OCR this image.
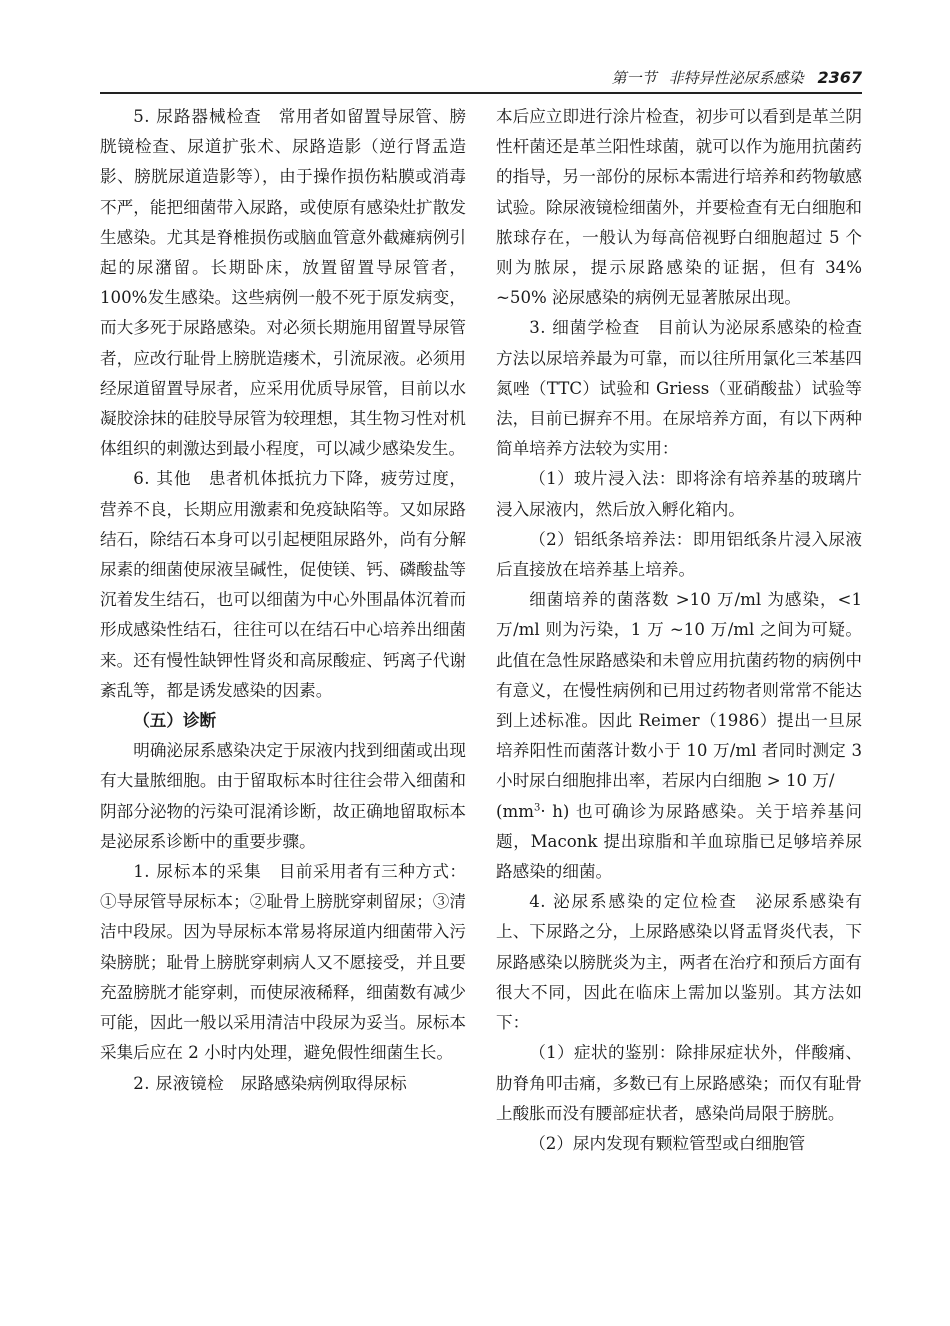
第一节 非特异性泌尿系感染 2367

5. 尿路器械检查　 常用者如留置导尿管、膀胱镜检查、尿道扩张术、尿路造影（逆行肾盂造影、膀胱尿道造影等），由于操作损伤粘膜或消毒不严，能把细菌带入尿路，或使原有感染灶扩散发生感染。尤其是脊椎损伤或脑血管意外截瘫病例引起的尿潴留。长期卧床，放置留置导尿管者，100%发生感染。这些病例一般不死于原发病变，而大多死于尿路感染。对必须长期施用留置导尿管者，应改行耻骨上膀胱造瘘术，引流尿液。必须用经尿道留置导尿者，应采用优质导尿管，目前以水凝胶涂抹的硅胶导尿管为较理想，其生物习性对机体组织的刺激达到最小程度，可以减少感染发生。

6. 其他　 患者机体抵抗力下降，疲劳过度，营养不良，长期应用激素和免疫缺陷等。又如尿路结石，除结石本身可以引起梗阻尿路外，尚有分解尿素的细菌使尿液呈碱性，促使镁、钙、磷酸盐等沉着发生结石，也可以细菌为中心外围晶体沉着而形成感染性结石，往往可以在结石中心培养出细菌来。还有慢性缺钾性肾炎和高尿酸症、钙离子代谢紊乱等，都是诱发感染的因素。

（五）诊断

明确泌尿系感染决定于尿液内找到细菌或出现有大量脓细胞。由于留取标本时往往会带入细菌和阴部分泌物的污染可混淆诊断，故正确地留取标本是泌尿系诊断中的重要步骤。

1. 尿标本的采集　 目前采用者有三种方式：①导尿管导尿标本；②耻骨上膀胱穿刺留尿；③清洁中段尿。因为导尿标本常易将尿道内细菌带入污染膀胱；耻骨上膀胱穿刺病人又不愿接受，并且要充盈膀胱才能穿刺，而使尿液稀释，细菌数有减少可能，因此一般以采用清洁中段尿为妥当。尿标本采集后应在 2 小时内处理，避免假性细菌生长。

2. 尿液镜检　 尿路感染病例取得尿标

本后应立即进行涂片检查，初步可以看到是革兰阴性杆菌还是革兰阳性球菌，就可以作为施用抗菌药的指导，另一部份的尿标本需进行培养和药物敏感试验。除尿液镜检细菌外，并要检查有无白细胞和脓球存在，一般认为每高倍视野白细胞超过 5 个则为脓尿，提示尿路感染的证据，但有 34% ~50% 泌尿感染的病例无显著脓尿出现。

3. 细菌学检查　 目前认为泌尿系感染的检查方法以尿培养最为可靠，而以往所用氯化三苯基四氮唑（TTC）试验和 Griess（亚硝酸盐）试验等法，目前已摒弃不用。在尿培养方面，有以下两种简单培养方法较为实用：

（1）玻片浸入法：即将涂有培养基的玻璃片浸入尿液内，然后放入孵化箱内。

（2）铝纸条培养法：即用铝纸条片浸入尿液后直接放在培养基上培养。

细菌培养的菌落数 >10 万/ml 为感染，<1 万/ml 则为污染，1 万 ~10 万/ml 之间为可疑。此值在急性尿路感染和未曾应用抗菌药物的病例中有意义，在慢性病例和已用过药物者则常常不能达到上述标准。因此 Reimer（1986）提出一旦尿培养阳性而菌落计数小于 10 万/ml 者同时测定 3 小时尿白细胞排出率，若尿内白细胞 > 10 万/

$(mm^3\cdot h)$ 也可确诊为尿路感染。关于培养基问题，Maconk 提出琼脂和羊血琼脂已足够培养尿路感染的细菌。

4. 泌尿系感染的定位检查　 泌尿系感染有上、下尿路之分，上尿路感染以肾盂肾炎代表，下尿路感染以膀胱炎为主，两者在治疗和预后方面有很大不同，因此在临床上需加以鉴别。其方法如下：

（1）症状的鉴别：除排尿症状外，伴酸痛、肋脊角叩击痛，多数已有上尿路感染；而仅有耻骨上酸胀而没有腰部症状者，感染尚局限于膀胱。

（2）尿内发现有颗粒管型或白细胞管
